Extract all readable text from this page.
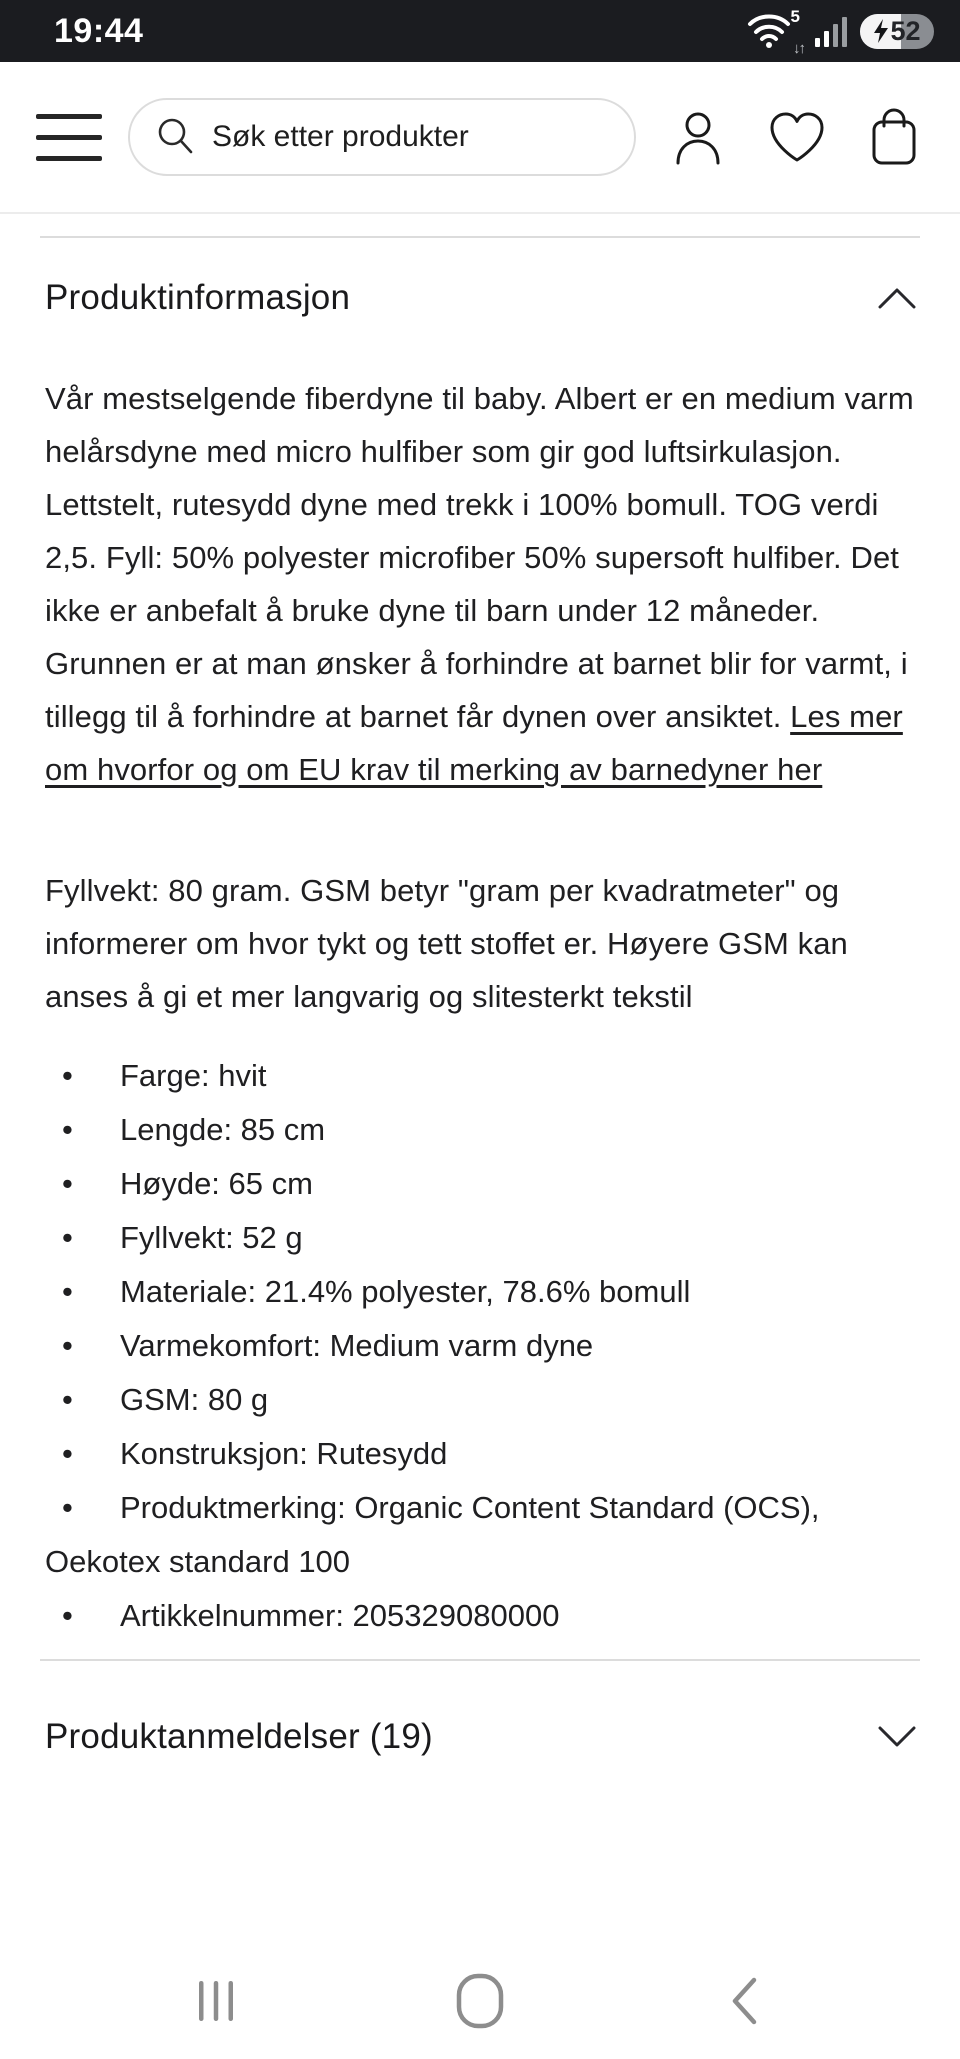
19:44	5
↓↑
52
Søk etter produkter
Produktinformasjon

Vår mestselgende fiberdyne til baby. Albert er en medium varm helårsdyne med micro hulfiber som gir god luftsirkulasjon. Lettstelt, rutesydd dyne med trekk i 100% bomull. TOG verdi 2,5. Fyll: 50% polyester microfiber 50% supersoft hulfiber. Det ikke er anbefalt å bruke dyne til barn under 12 måneder. Grunnen er at man ønsker å forhindre at barnet blir for varmt, i tillegg til å forhindre at barnet får dynen over ansiktet. Les mer om hvorfor og om EU krav til merking av barnedyner her

Fyllvekt: 80 gram. GSM betyr "gram per kvadratmeter" og informerer om hvor tykt og tett stoffet er. Høyere GSM kan anses å gi et mer langvarig og slitesterkt tekstil

• Farge: hvit
• Lengde: 85 cm
• Høyde: 65 cm
• Fyllvekt: 52 g
• Materiale: 21.4% polyester, 78.6% bomull
• Varmekomfort: Medium varm dyne
• GSM: 80 g
• Konstruksjon: Rutesydd
• Produktmerking: Organic Content Standard (OCS), Oekotex standard 100
• Artikkelnummer: 205329080000
Produktanmeldelser (19)
